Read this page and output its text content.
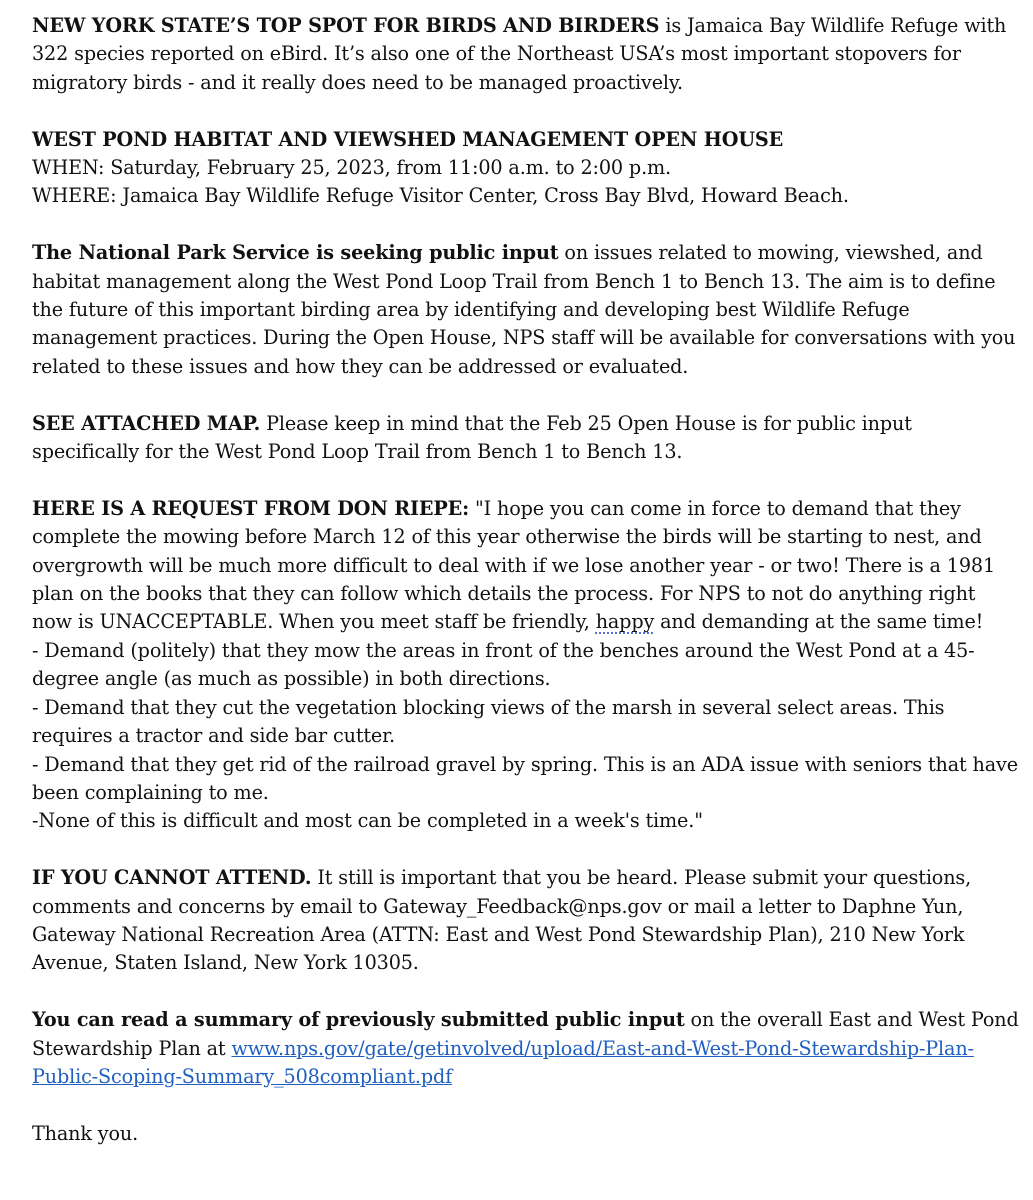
NEW YORK STATE’S TOP SPOT FOR BIRDS AND BIRDERS is Jamaica Bay Wildlife Refuge with 322 species reported on eBird. It’s also one of the Northeast USA’s most important stopovers for migratory birds - and it really does need to be managed proactively.

WEST POND HABITAT AND VIEWSHED MANAGEMENT OPEN HOUSE
WHEN: Saturday, February 25, 2023, from 11:00 a.m. to 2:00 p.m.
WHERE: Jamaica Bay Wildlife Refuge Visitor Center, Cross Bay Blvd, Howard Beach.

The National Park Service is seeking public input on issues related to mowing, viewshed, and habitat management along the West Pond Loop Trail from Bench 1 to Bench 13. The aim is to define the future of this important birding area by identifying and developing best Wildlife Refuge management practices. During the Open House, NPS staff will be available for conversations with you related to these issues and how they can be addressed or evaluated.

SEE ATTACHED MAP. Please keep in mind that the Feb 25 Open House is for public input specifically for the West Pond Loop Trail from Bench 1 to Bench 13.

HERE IS A REQUEST FROM DON RIEPE: "I hope you can come in force to demand that they complete the mowing before March 12 of this year otherwise the birds will be starting to nest, and overgrowth will be much more difficult to deal with if we lose another year - or two! There is a 1981 plan on the books that they can follow which details the process. For NPS to not do anything right now is UNACCEPTABLE. When you meet staff be friendly, happy and demanding at the same time!
- Demand (politely) that they mow the areas in front of the benches around the West Pond at a 45-degree angle (as much as possible) in both directions.
- Demand that they cut the vegetation blocking views of the marsh in several select areas. This requires a tractor and side bar cutter.
- Demand that they get rid of the railroad gravel by spring. This is an ADA issue with seniors that have been complaining to me.
-None of this is difficult and most can be completed in a week's time."

IF YOU CANNOT ATTEND. It still is important that you be heard. Please submit your questions, comments and concerns by email to Gateway_Feedback@nps.gov or mail a letter to Daphne Yun, Gateway National Recreation Area (ATTN: East and West Pond Stewardship Plan), 210 New York Avenue, Staten Island, New York 10305.

You can read a summary of previously submitted public input on the overall East and West Pond Stewardship Plan at www.nps.gov/gate/getinvolved/upload/East-and-West-Pond-Stewardship-Plan-Public-Scoping-Summary_508compliant.pdf

Thank you.
